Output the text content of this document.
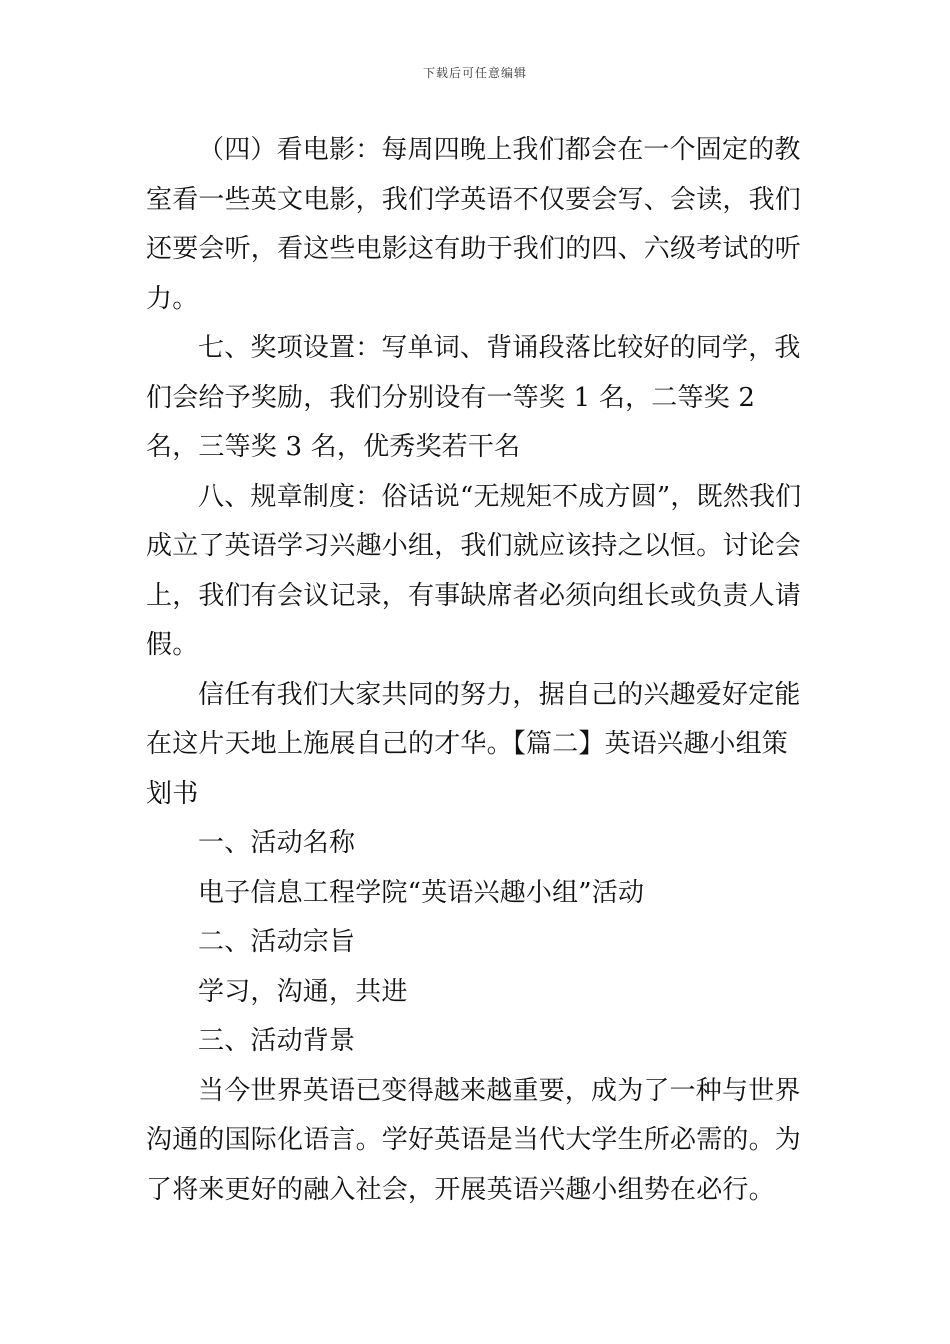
下载后可任意编辑

（四）看电影：每周四晚上我们都会在一个固定的教室看一些英文电影，我们学英语不仅要会写、会读，我们还要会听，看这些电影这有助于我们的四、六级考试的听力。

七、奖项设置：写单词、背诵段落比较好的同学，我们会给予奖励，我们分别设有一等奖 1 名，二等奖 2 名，三等奖 3 名，优秀奖若干名

八、规章制度：俗话说“无规矩不成方圆”，既然我们成立了英语学习兴趣小组，我们就应该持之以恒。讨论会上，我们有会议记录，有事缺席者必须向组长或负责人请假。

信任有我们大家共同的努力，据自己的兴趣爱好定能在这片天地上施展自己的才华。【篇二】英语兴趣小组策划书

一、活动名称

电子信息工程学院“英语兴趣小组”活动

二、活动宗旨

学习，沟通，共进

三、活动背景

当今世界英语已变得越来越重要，成为了一种与世界沟通的国际化语言。学好英语是当代大学生所必需的。为了将来更好的融入社会，开展英语兴趣小组势在必行。
